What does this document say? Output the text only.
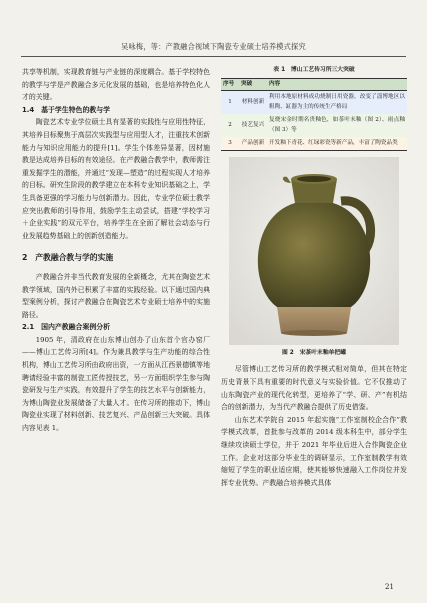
吴咏梅，等：产教融合视域下陶瓷专业硕士培养模式探究

共享等机制，实现教育链与产业链的深度耦合。基于学校特色的教学与学是产教融合多元化发展的基础，也是培养特色化人才的关键。

1.4　基于学生特色的教与学

陶瓷艺术专业学位硕士具有显著的实践性与应用性特征，其培养目标聚焦于高层次实践型与应用型人才，注重技术创新能力与知识应用能力的提升[1]。学生个体差异显著，因材施教是达成培养目标的有效途径。在产教融合教学中，教师需注重发掘学生的潜能，并通过“发现—塑造”的过程实现人才培养的目标。研究生阶段的教学建立在本科专业知识基础之上，学生具备更强的学习能力与创新潜力。因此，专业学位硕士教学应突出教师的引导作用，鼓励学生主动尝试，搭建“学校学习＋企业实践”的双元平台，培养学生在全面了解社会动态与行业发展趋势基础上的创新创造能力。

2　产教融合教与学的实施

产教融合并非当代教育发展的全新概念，尤其在陶瓷艺术教学领域，国内外已积累了丰富的实践经验。以下通过国内典型案例分析，探讨产教融合在陶瓷艺术专业硕士培养中的实施路径。

2.1　国内产教融合案例分析

1905 年，清政府在山东博山创办了山东首个官办窑厂——博山工艺传习所[4]。作为兼具教学与生产功能的综合性机构，博山工艺传习所由政府出资，一方面从江西景德镇等地聘请经验丰富的制瓷工匠传授技艺，另一方面组织学生参与陶瓷研发与生产实践，有效提升了学生的技艺水平与创新能力，为博山陶瓷业发展储备了大量人才。在传习所的推动下，博山陶瓷业实现了材料创新、技艺复兴、产品创新三大突破。具体内容见表 1。

表 1　博山工艺传习所三大突破

序号	突破	内容
1	材料创新	利用本地原材料成功烧制日用瓷器，改变了淄博地区以粗陶、缸器为主的传统生产格局
2	技艺复兴	复烧宋金时期名贵釉色，如茶叶末釉（图 2）、雨点釉（图 3）等
3	产品创新	开发釉下青花、红绿彩瓷等新产品，丰富了陶瓷品类

图 2　宋茶叶末釉单把罐

尽管博山工艺传习所的教学模式相对简单，但其在特定历史背景下具有重要的时代意义与实验价值。它不仅推动了山东陶瓷产业的现代化转型，更培养了“学、研、产”有机结合的创新潜力，为当代产教融合提供了历史借鉴。

山东艺术学院自 2015 年起实施“工作室制校企合作”教学模式改革，首批参与改革的 2014 级本科生中，部分学生继续攻读硕士学位，并于 2021 年毕业后进入合作陶瓷企业工作。企业对这部分毕业生的调研显示，工作室制教学有效缩短了学生的职业适应期，使其能够快速融入工作岗位并发挥专业优势。产教融合培养模式具体

21
